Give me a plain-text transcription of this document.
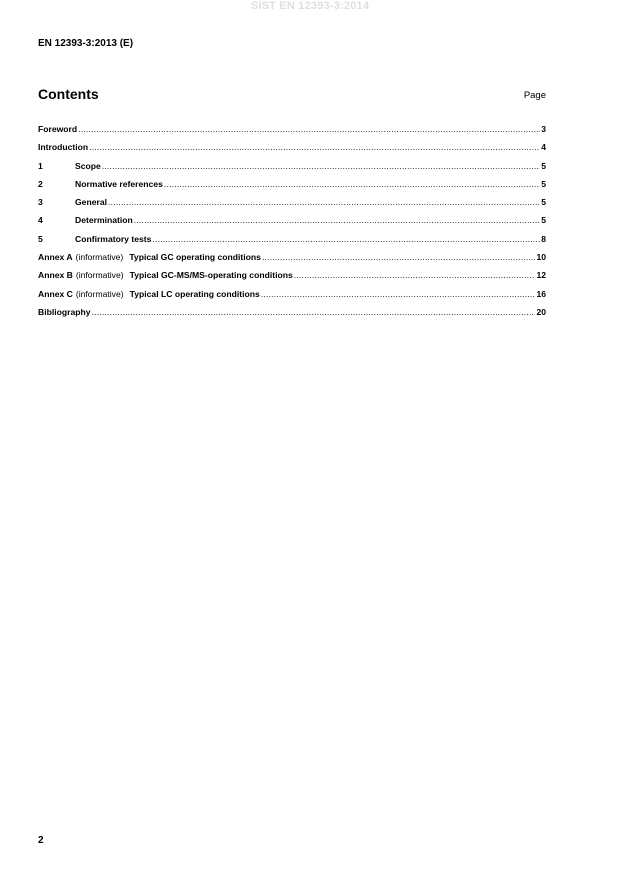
SIST EN 12393-3:2014
EN 12393-3:2013 (E)
Contents	Page
Foreword .....	3
Introduction .....	4
1	Scope .....	5
2	Normative references .....	5
3	General .....	5
4	Determination .....	5
5	Confirmatory tests .....	8
Annex A (informative) Typical GC operating conditions .....	10
Annex B (informative) Typical GC-MS/MS-operating conditions .....	12
Annex C (informative) Typical LC operating conditions .....	16
Bibliography .....	20
2
